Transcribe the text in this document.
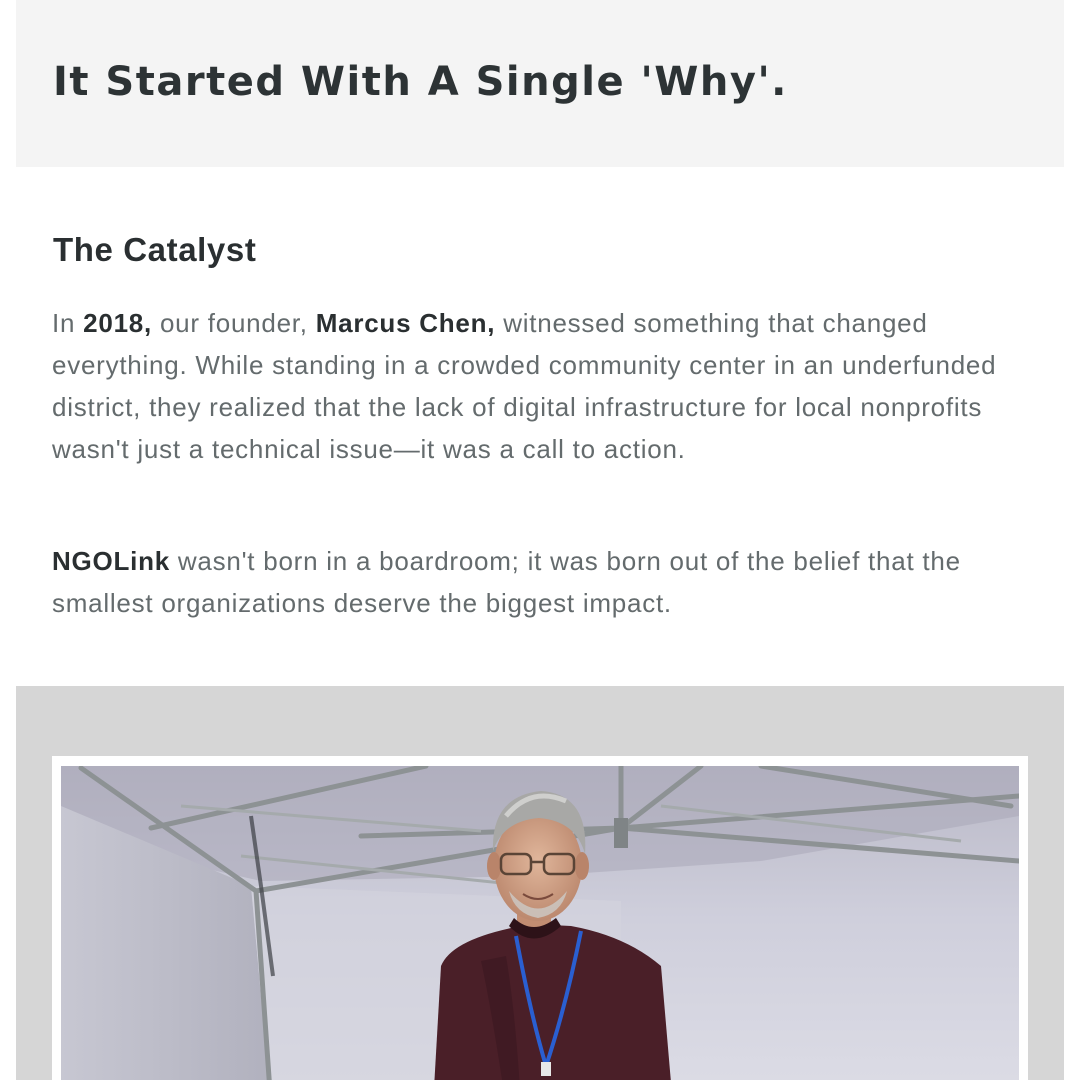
It Started With A Single 'Why'.
The Catalyst

In 2018, our founder, Marcus Chen, witnessed something that changed everything. While standing in a crowded community center in an underfunded district, they realized that the lack of digital infrastructure for local nonprofits wasn't just a technical issue—it was a call to action.

NGOLink wasn't born in a boardroom; it was born out of the belief that the smallest organizations deserve the biggest impact.
